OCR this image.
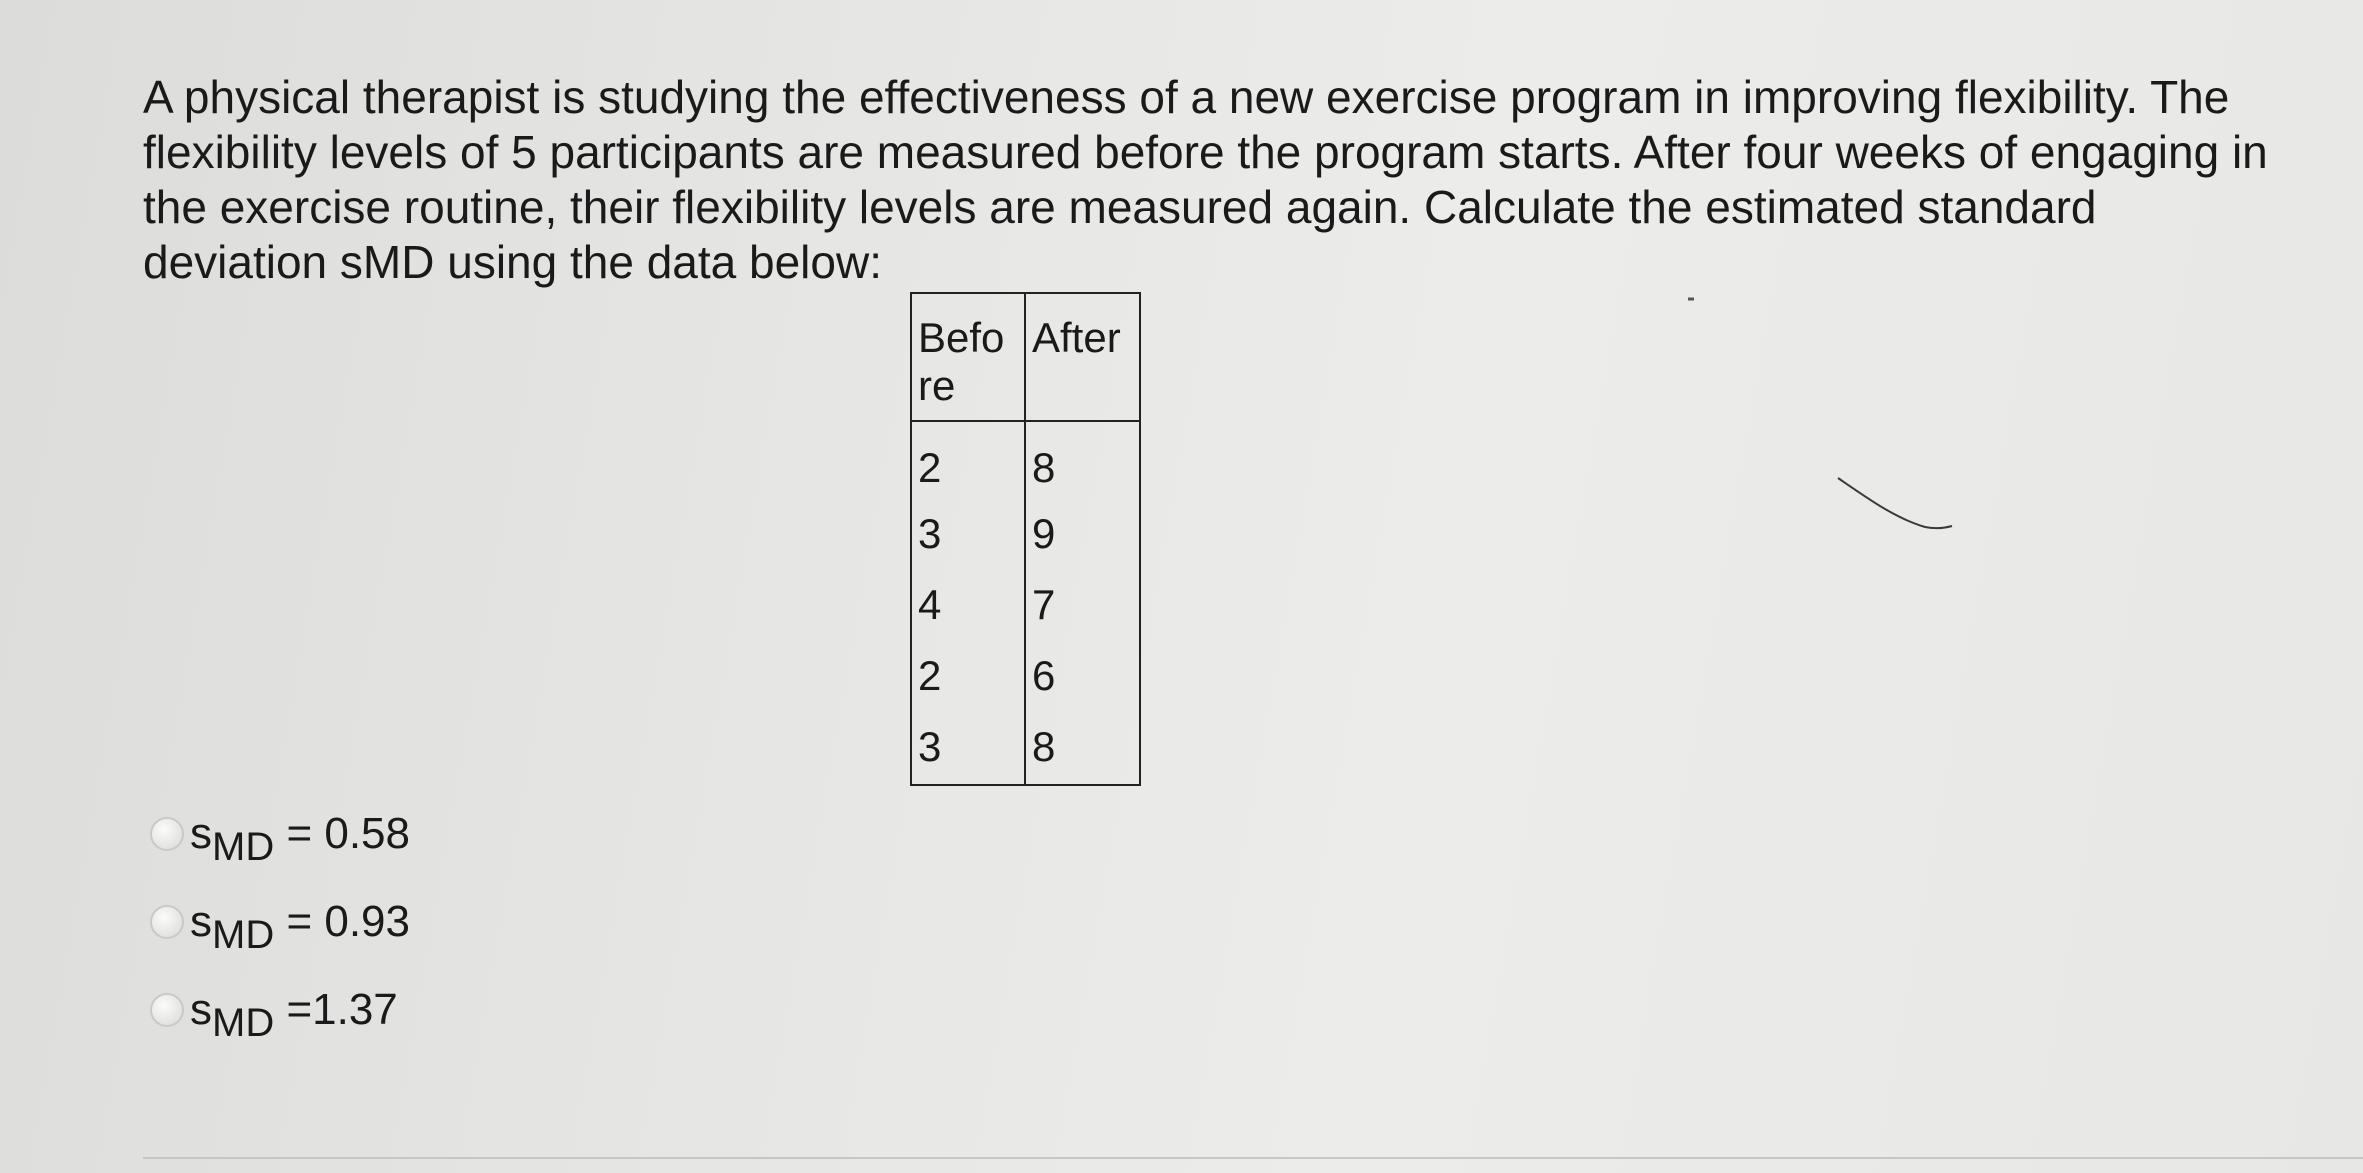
A physical therapist is studying the effectiveness of a new exercise program in improving flexibility. The flexibility levels of 5 participants are measured before the program starts. After four weeks of engaging in the exercise routine, their flexibility levels are measured again. Calculate the estimated standard deviation sMD using the data below:

Before	After
2	8
3	9
4	7
2	6
3	8
sMD = 0.58
sMD = 0.93
sMD =1.37
